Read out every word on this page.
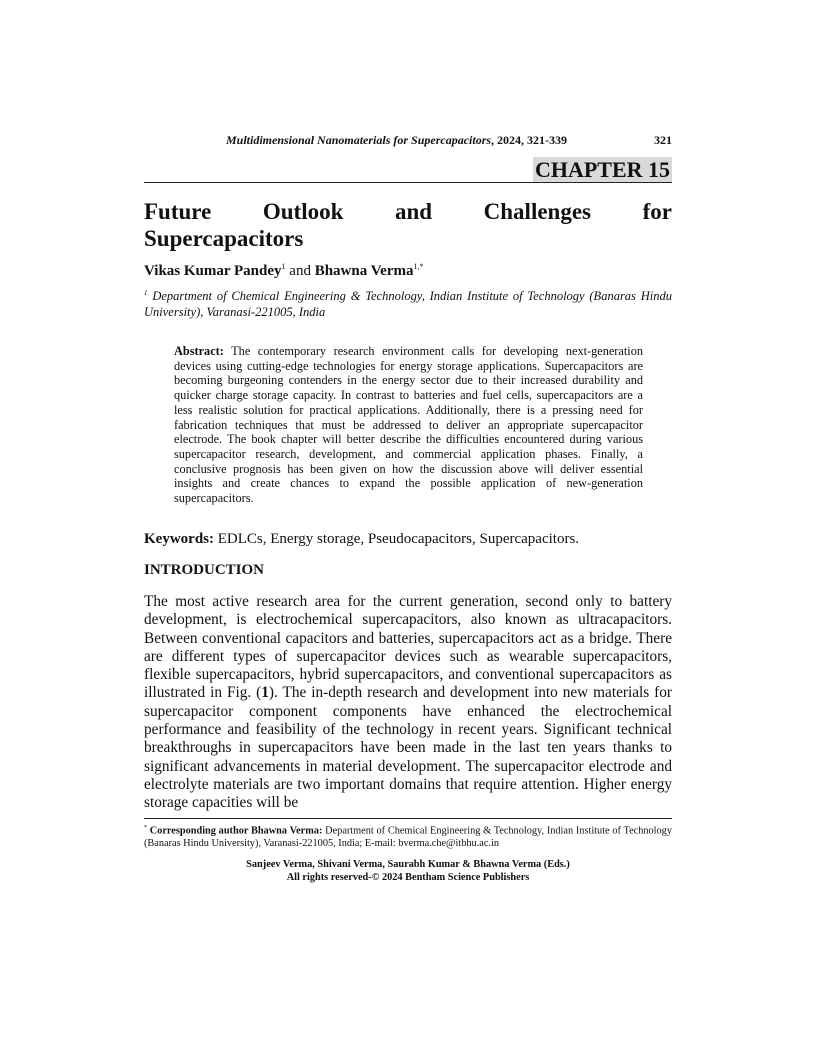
Multidimensional Nanomaterials for Supercapacitors, 2024, 321-339	321
CHAPTER 15
Future Outlook and Challenges for
Supercapacitors
Vikas Kumar Pandey$^1$ and Bhawna Verma$^{1,*}$
$^1$ Department of Chemical Engineering & Technology, Indian Institute of Technology (Banaras Hindu University), Varanasi-221005, India
Abstract: The contemporary research environment calls for developing next-generation devices using cutting-edge technologies for energy storage applications. Supercapacitors are becoming burgeoning contenders in the energy sector due to their increased durability and quicker charge storage capacity. In contrast to batteries and fuel cells, supercapacitors are a less realistic solution for practical applications. Additionally, there is a pressing need for fabrication techniques that must be addressed to deliver an appropriate supercapacitor electrode. The book chapter will better describe the difficulties encountered during various supercapacitor research, development, and commercial application phases. Finally, a conclusive prognosis has been given on how the discussion above will deliver essential insights and create chances to expand the possible application of new-generation supercapacitors.
Keywords: EDLCs, Energy storage, Pseudocapacitors, Supercapacitors.
INTRODUCTION
The most active research area for the current generation, second only to battery development, is electrochemical supercapacitors, also known as ultracapacitors. Between conventional capacitors and batteries, supercapacitors act as a bridge. There are different types of supercapacitor devices such as wearable supercapacitors, flexible supercapacitors, hybrid supercapacitors, and conventional supercapacitors as illustrated in Fig. (1). The in-depth research and development into new materials for supercapacitor component components have enhanced the electrochemical performance and feasibility of the technology in recent years. Significant technical breakthroughs in supercapacitors have been made in the last ten years thanks to significant advancements in material development. The supercapacitor electrode and electrolyte materials are two important domains that require attention. Higher energy storage capacities will be
* Corresponding author Bhawna Verma: Department of Chemical Engineering & Technology, Indian Institute of Technology (Banaras Hindu University), Varanasi-221005, India; E-mail: bverma.che@itbhu.ac.in
Sanjeev Verma, Shivani Verma, Saurabh Kumar & Bhawna Verma (Eds.)
All rights reserved-© 2024 Bentham Science Publishers
